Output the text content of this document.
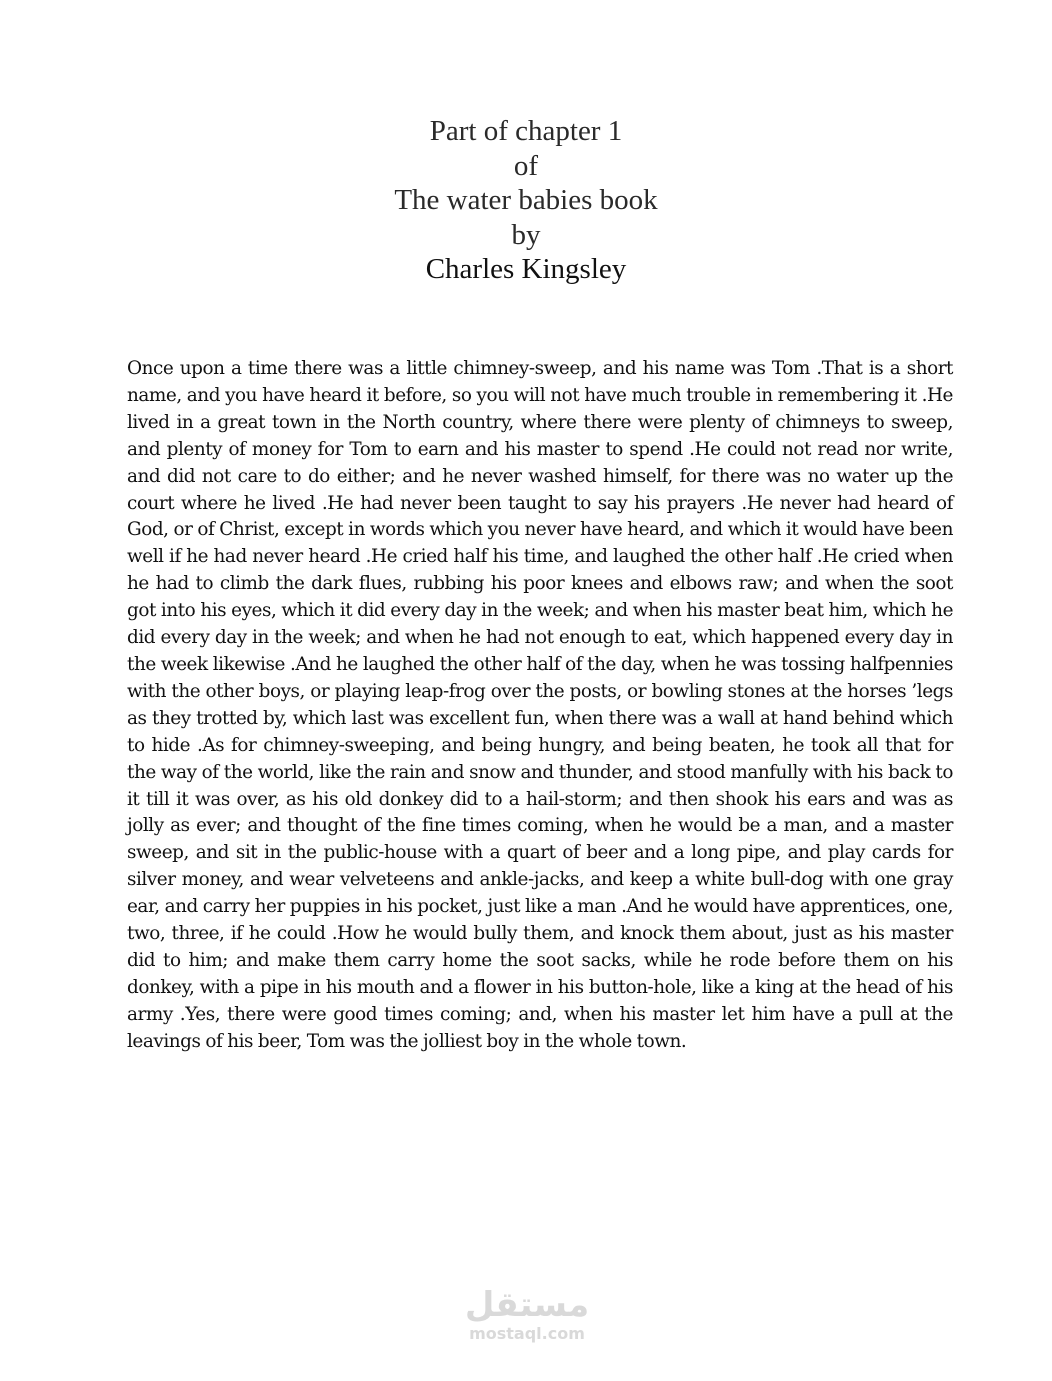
Part of chapter 1
of
The water babies book
by
Charles Kingsley

Once upon a time there was a little chimney-sweep, and his name was Tom .That is a short name, and you have heard it before, so you will not have much trouble in remembering it .He lived in a great town in the North country, where there were plenty of chimneys to sweep, and plenty of money for Tom to earn and his master to spend .He could not read nor write, and did not care to do either; and he never washed himself, for there was no water up the court where he lived .He had never been taught to say his prayers .He never had heard of God, or of Christ, except in words which you never have heard, and which it would have been well if he had never heard .He cried half his time, and laughed the other half .He cried when he had to climb the dark flues, rubbing his poor knees and elbows raw; and when the soot got into his eyes, which it did every day in the week; and when his master beat him, which he did every day in the week; and when he had not enough to eat, which happened every day in the week likewise .And he laughed the other half of the day, when he was tossing halfpennies with the other boys, or playing leap-frog over the posts, or bowling stones at the horses ’legs as they trotted by, which last was excellent fun, when there was a wall at hand behind which to hide .As for chimney-sweeping, and being hungry, and being beaten, he took all that for the way of the world, like the rain and snow and thunder, and stood manfully with his back to it till it was over, as his old donkey did to a hail-storm; and then shook his ears and was as jolly as ever; and thought of the fine times coming, when he would be a man, and a master sweep, and sit in the public-house with a quart of beer and a long pipe, and play cards for silver money, and wear velveteens and ankle-jacks, and keep a white bull-dog with one gray ear, and carry her puppies in his pocket, just like a man .And he would have apprentices, one, two, three, if he could .How he would bully them, and knock them about, just as his master did to him; and make them carry home the soot sacks, while he rode before them on his donkey, with a pipe in his mouth and a flower in his button-hole, like a king at the head of his army .Yes, there were good times coming; and, when his master let him have a pull at the leavings of his beer, Tom was the jolliest boy in the whole town.

مستقل
mostaql.com
